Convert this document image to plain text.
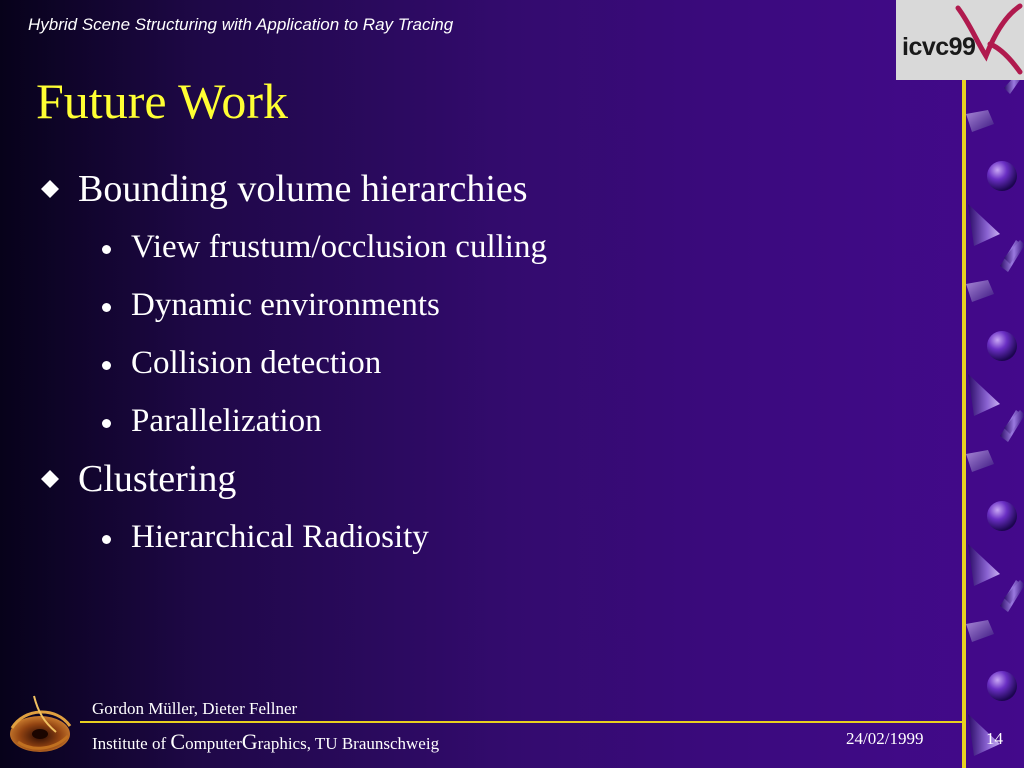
Hybrid Scene Structuring with Application to Ray Tracing
Future Work
Bounding volume hierarchies
View frustum/occlusion culling
Dynamic environments
Collision detection
Parallelization
Clustering
Hierarchical Radiosity
icvc99
Gordon Müller, Dieter Fellner
Institute of ComputerGraphics, TU Braunschweig	24/02/1999	14
